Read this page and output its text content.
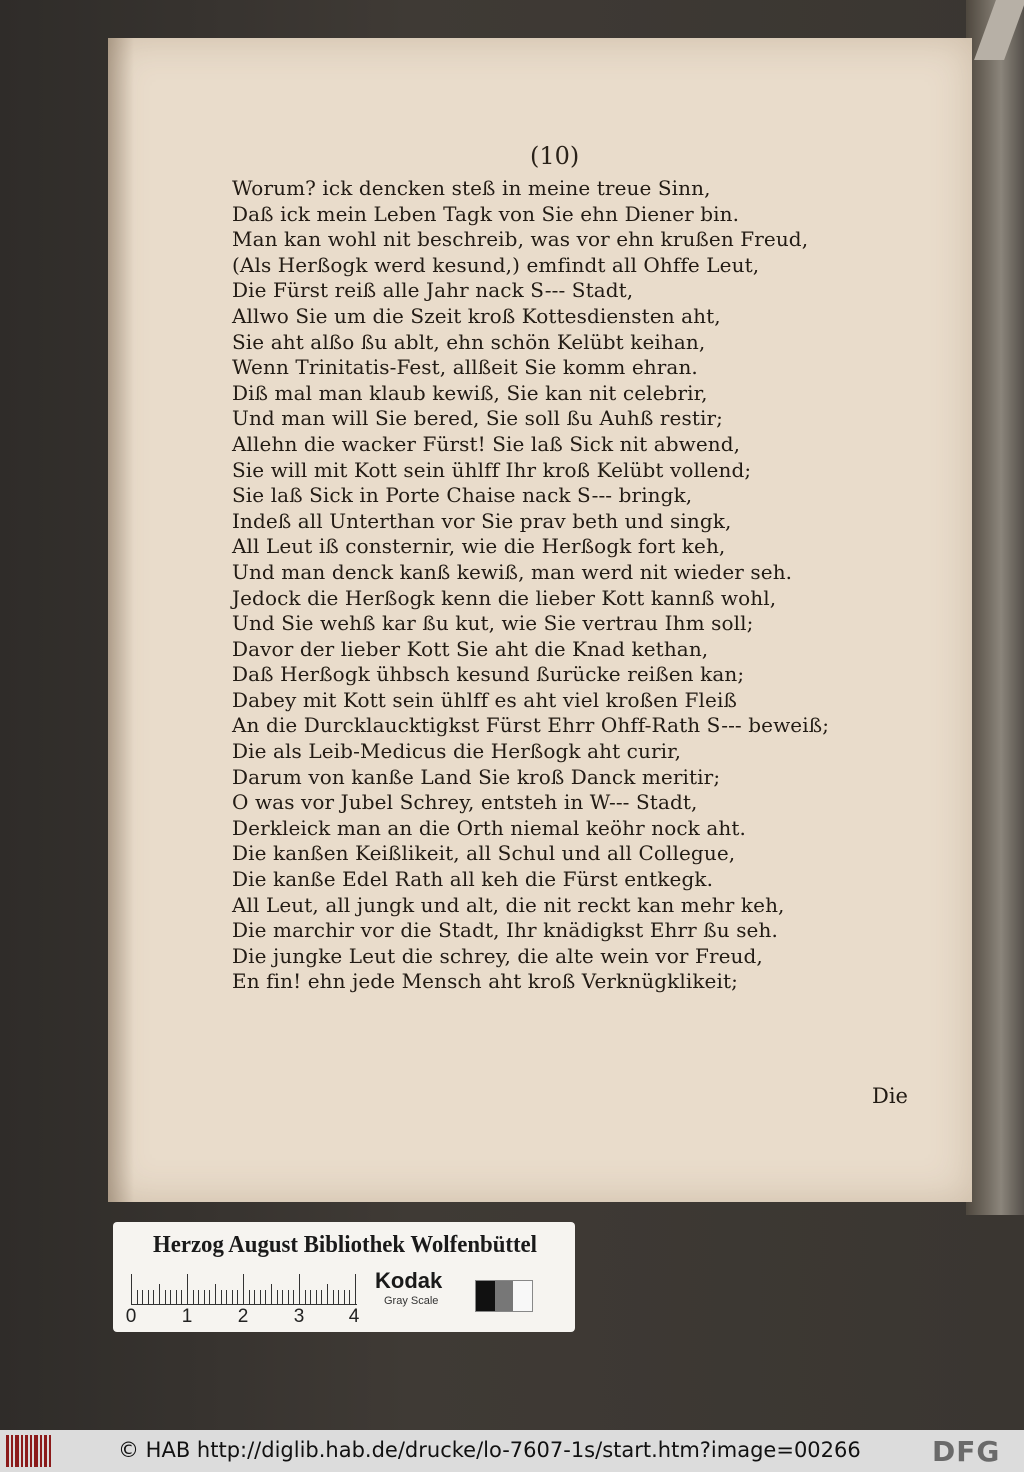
(10)
Worum? ick dencken steß in meine treue Sinn,
Daß ick mein Leben Tagk von Sie ehn Diener bin.
Man kan wohl nit beschreib, was vor ehn krußen Freud,
(Als Herßogk werd kesund,) emfindt all Ohffe Leut,
Die Fürst reiß alle Jahr nack S--- Stadt,
Allwo Sie um die Szeit kroß Kottesdiensten aht,
Sie aht alßo ßu ablt, ehn schön Kelübt keihan,
Wenn Trinitatis-Fest, allßeit Sie komm ehran.
Diß mal man klaub kewiß, Sie kan nit celebrir,
Und man will Sie bered, Sie soll ßu Auhß restir;
Allehn die wacker Fürst! Sie laß Sick nit abwend,
Sie will mit Kott sein ühlff Ihr kroß Kelübt vollend;
Sie laß Sick in Porte Chaise nack S--- bringk,
Indeß all Unterthan vor Sie prav beth und singk,
All Leut iß consternir, wie die Herßogk fort keh,
Und man denck kanß kewiß, man werd nit wieder seh.
Jedock die Herßogk kenn die lieber Kott kannß wohl,
Und Sie wehß kar ßu kut, wie Sie vertrau Ihm soll;
Davor der lieber Kott Sie aht die Knad kethan,
Daß Herßogk ühbsch kesund ßurücke reißen kan;
Dabey mit Kott sein ühlff es aht viel kroßen Fleiß
An die Durcklaucktigkst Fürst Ehrr Ohff-Rath S--- beweiß;
Die als Leib-Medicus die Herßogk aht curir,
Darum von kanße Land Sie kroß Danck meritir;
O was vor Jubel Schrey, entsteh in W--- Stadt,
Derkleick man an die Orth niemal keöhr nock aht.
Die kanßen Keißlikeit, all Schul und all Collegue,
Die kanße Edel Rath all keh die Fürst entkegk.
All Leut, all jungk und alt, die nit reckt kan mehr keh,
Die marchir vor die Stadt, Ihr knädigkst Ehrr ßu seh.
Die jungke Leut die schrey, die alte wein vor Freud,
En fin! ehn jede Mensch aht kroß Verknügklikeit;
Die
Herzog August Bibliothek Wolfenbüttel
0 1 2 3 4
Kodak
Gray Scale
© HAB http://diglib.hab.de/drucke/lo-7607-1s/start.htm?image=00266	DFG
